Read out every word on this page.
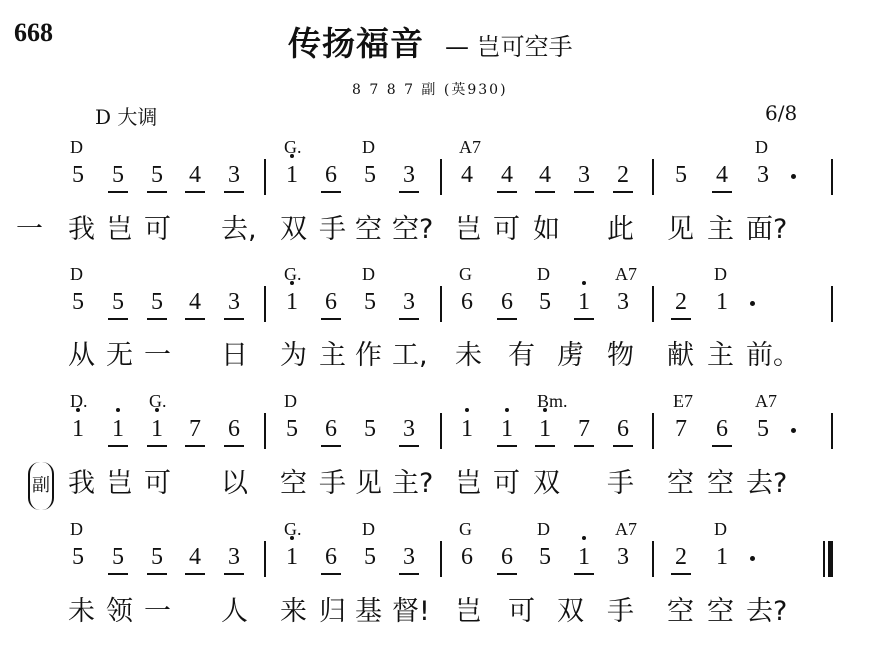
668	传扬福音 — 岂可空手
8 7 8 7 副 (英930)
D 大调	6/8
副
5
D
5 5 4 3 1
G.
6 5
D
3 4
A7
4 4 3 2 5 4 3
D
一 我 岂 可 去, 双 手 空 空? 岂 可 如 此 见 主 面?
5
D
5 5 4 3 1
G.
6 5
D
3 6
G
6 5
D
1 3
A7
2 1
D
从 无 一 日 为 主 作 工, 未 有 虏 物 献 主 前。
1
D.
1 1
G.
7 6 5
D
6 5 3 1 1 1
Bm.
7 6 7
E7
6 5
A7
我 岂 可 以 空 手 见 主? 岂 可 双 手 空 空 去?
5
D
5 5 4 3 1
G.
6 5
D
3 6
G
6 5
D
1 3
A7
2 1
D
未 领 一 人 来 归 基 督! 岂 可 双 手 空 空 去?
